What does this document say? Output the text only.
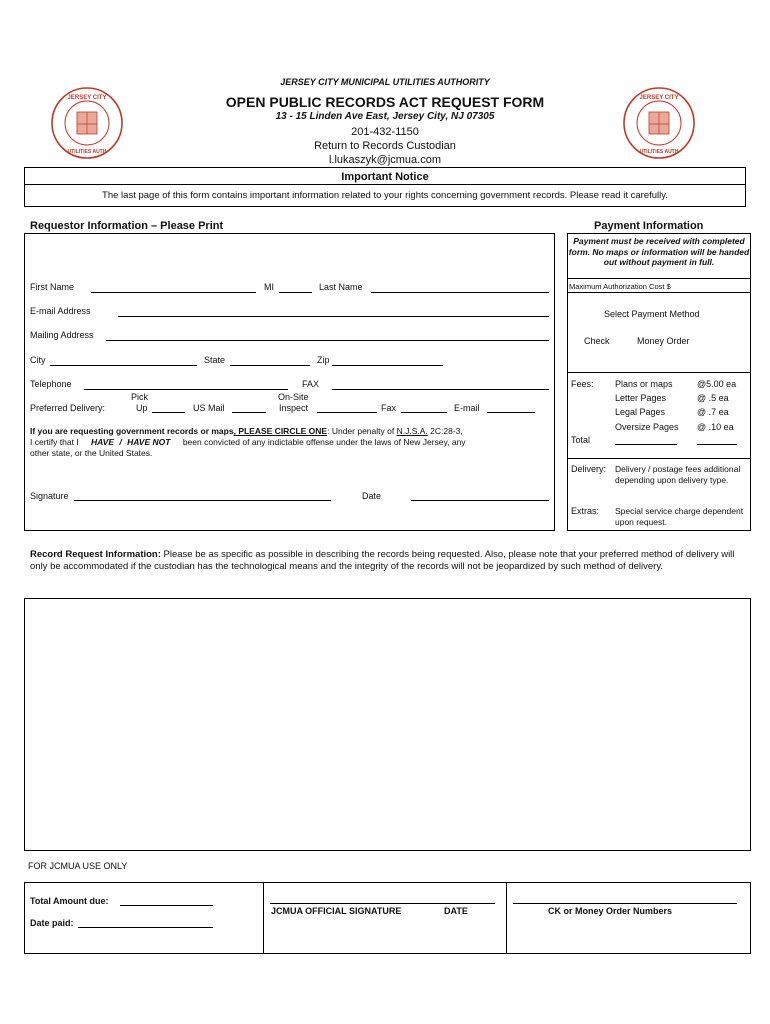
JERSEY CITY
UTILITIES AUTH
JERSEY CITY
UTILITIES AUTH
JERSEY CITY MUNICIPAL UTILITIES AUTHORITY
OPEN PUBLIC RECORDS ACT REQUEST FORM
13 - 15 Linden Ave East, Jersey City, NJ 07305
201-432-1150
Return to Records Custodian
l.lukaszyk@jcmua.com
Important Notice
The last page of this form contains important information related to your rights concerning government records. Please read it carefully.
Requestor Information – Please Print	Payment Information
Payment must be received with completed form. No maps or information will be handed out without payment in full.
First Name	MI	Last Name
E-mail Address
Mailing Address
City	State	Zip
Telephone	FAX
Pick	On-Site
Preferred Delivery:	Up	US Mail	Inspect	Fax	E-mail
If you are requesting government records or maps, PLEASE CIRCLE ONE: Under penalty of N.J.S.A. 2C:28-3,
I certify that I HAVE / HAVE NOT been convicted of any indictable offense under the laws of New Jersey, any
other state, or the United States.
Signature	Date
Maximum Authorization Cost $
Select Payment Method
Check	Money Order
Fees: Plans or maps	@5.00 ea
Letter Pages	@ .5 ea
Legal Pages	@ .7 ea
Oversize Pages @ .10 ea
Total
Delivery: Delivery / postage fees additional depending upon delivery type.
Extras: Special service charge dependent upon request.
Record Request Information: Please be as specific as possible in describing the records being requested. Also, please note that your preferred method of delivery will only be accommodated if the custodian has the technological means and the integrity of the records will not be jeopardized by such method of delivery.
FOR JCMUA USE ONLY
Total Amount due:
Date paid:
JCMUA OFFICIAL SIGNATURE	DATE	CK or Money Order Numbers
